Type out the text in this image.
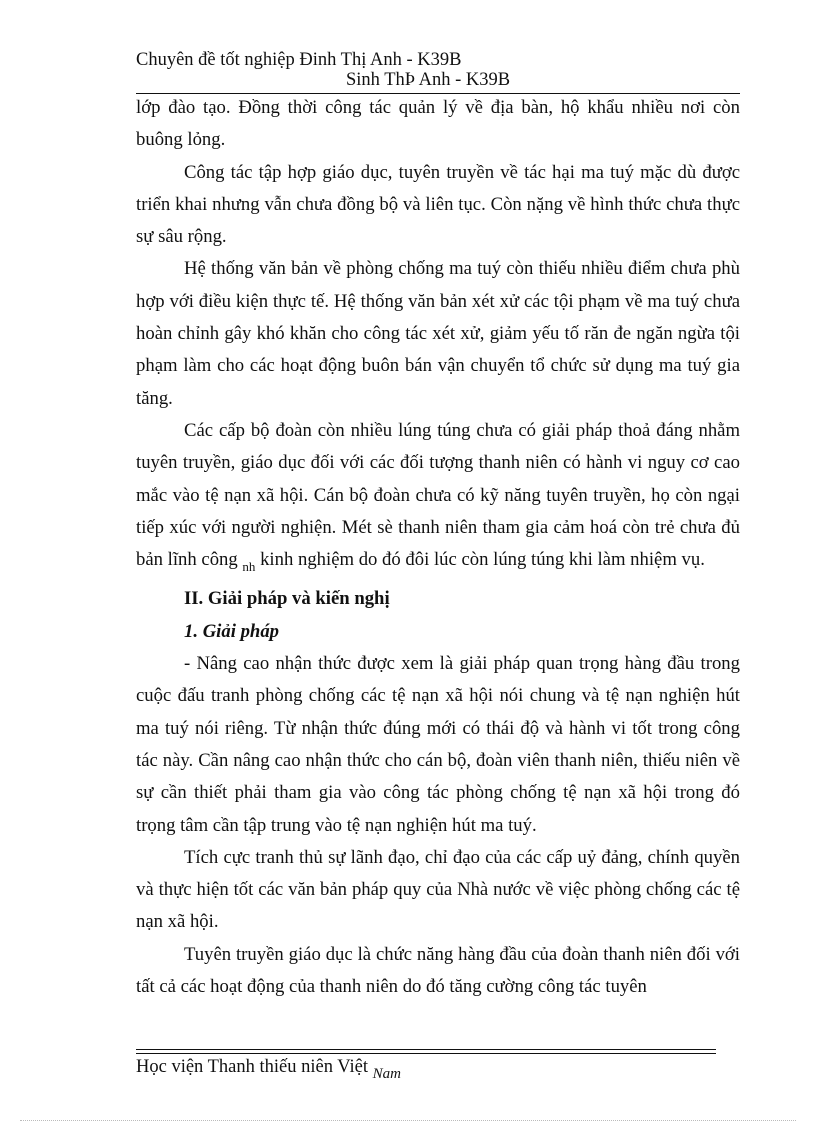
Chuyên đề tốt nghiệp Đinh Thị Anh - K39B
Sinh ThÞ Anh - K39B

lớp đào tạo. Đồng thời công tác quản lý về địa bàn, hộ khẩu nhiều nơi còn buông lỏng.

Công tác tập hợp giáo dục, tuyên truyền về tác hại ma tuý mặc dù được triển khai nhưng vẫn chưa đồng bộ và liên tục. Còn nặng về hình thức chưa thực sự sâu rộng.

Hệ thống văn bản về phòng chống ma tuý còn thiếu nhiều điểm chưa phù hợp với điều kiện thực tế. Hệ thống văn bản xét xử các tội phạm về ma tuý chưa hoàn chỉnh gây khó khăn cho công tác xét xử, giảm yếu tố răn đe ngăn ngừa tội phạm làm cho các hoạt động buôn bán vận chuyển tổ chức sử dụng ma tuý gia tăng.

Các cấp bộ đoàn còn nhiều lúng túng chưa có giải pháp thoả đáng nhằm tuyên truyền, giáo dục đối với các đối tượng thanh niên có hành vi nguy cơ cao mắc vào tệ nạn xã hội. Cán bộ đoàn chưa có kỹ năng tuyên truyền, họ còn ngại tiếp xúc với người nghiện. Mét sè thanh niên tham gia cảm hoá còn trẻ chưa đủ bản lĩnh công $_{nh}$ kinh nghiệm do đó đôi lúc còn lúng túng khi làm nhiệm vụ.

II. Giải pháp và kiến nghị

1. Giải pháp

- Nâng cao nhận thức được xem là giải pháp quan trọng hàng đầu trong cuộc đấu tranh phòng chống các tệ nạn xã hội nói chung và tệ nạn nghiện hút ma tuý nói riêng. Từ nhận thức đúng mới có thái độ và hành vi tốt trong công tác này. Cần nâng cao nhận thức cho cán bộ, đoàn viên thanh niên, thiếu niên về sự cần thiết phải tham gia vào công tác phòng chống tệ nạn xã hội trong đó trọng tâm cần tập trung vào tệ nạn nghiện hút ma tuý.

Tích cực tranh thủ sự lãnh đạo, chỉ đạo của các cấp uỷ đảng, chính quyền và thực hiện tốt các văn bản pháp quy của Nhà nước về việc phòng chống các tệ nạn xã hội.

Tuyên truyền giáo dục là chức năng hàng đầu của đoàn thanh niên đối với tất cả các hoạt động của thanh niên do đó tăng cường công tác tuyên

Học viện Thanh thiếu niên Việt $_{Nam}$
